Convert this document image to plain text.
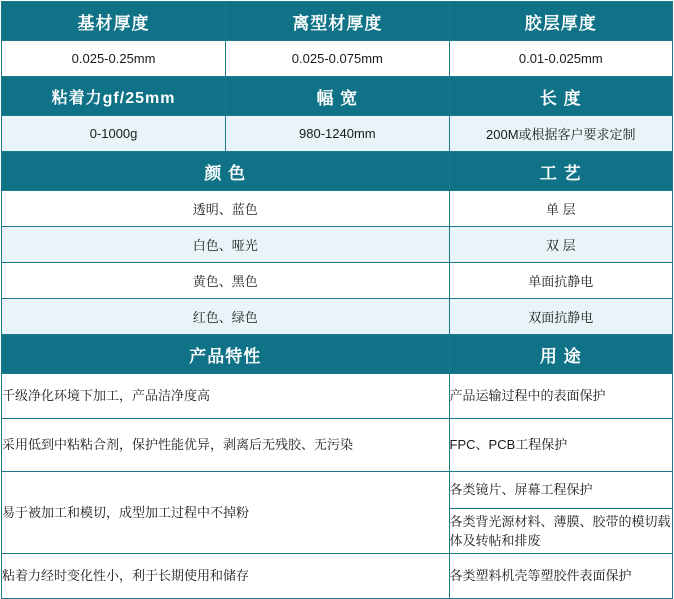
基材厚度	离型材厚度	胶层厚度
0.025-0.25mm	0.025-0.075mm	0.01-0.025mm
粘着力gf/25mm	幅 宽	长 度
0-1000g	980-1240mm	200M或根据客户要求定制
颜 色		工 艺
透明、蓝色		单 层
白色、哑光		双 层
黄色、黑色		单面抗静电
红色、绿色		双面抗静电
产品特性		用 途
千级净化环境下加工，产品洁净度高		产品运输过程中的表面保护
采用低到中粘粘合剂，保护性能优异，剥离后无残胶、无污染		FPC、PCB工程保护
易于被加工和模切，成型加工过程中不掉粉		各类镜片、屏幕工程保护
		各类背光源材料、薄膜、胶带的模切载体及转帖和排废
粘着力经时变化性小，利于长期使用和储存		各类塑料机壳等塑胶件表面保护
